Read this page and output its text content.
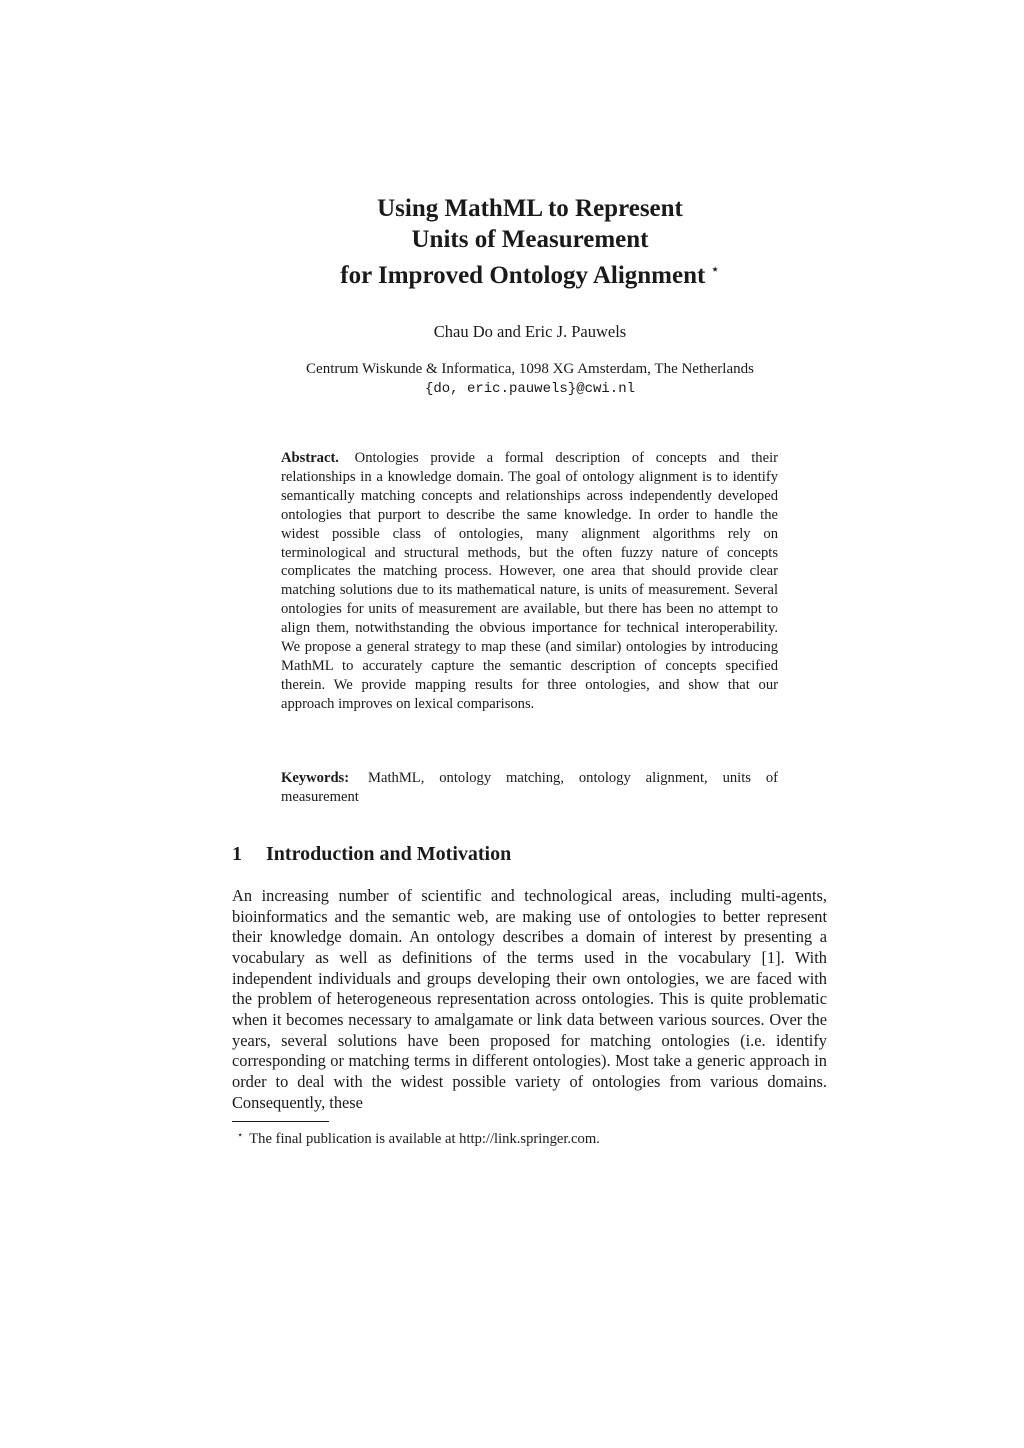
Using MathML to Represent
Units of Measurement
for Improved Ontology Alignment ⋆
Chau Do and Eric J. Pauwels
Centrum Wiskunde & Informatica, 1098 XG Amsterdam, The Netherlands
{do, eric.pauwels}@cwi.nl
Abstract. Ontologies provide a formal description of concepts and their relationships in a knowledge domain. The goal of ontology alignment is to identify semantically matching concepts and relationships across independently developed ontologies that purport to describe the same knowledge. In order to handle the widest possible class of ontologies, many alignment algorithms rely on terminological and structural methods, but the often fuzzy nature of concepts complicates the matching process. However, one area that should provide clear matching solutions due to its mathematical nature, is units of measurement. Several ontologies for units of measurement are available, but there has been no attempt to align them, notwithstanding the obvious importance for technical interoperability. We propose a general strategy to map these (and similar) ontologies by introducing MathML to accurately capture the semantic description of concepts specified therein. We provide mapping results for three ontologies, and show that our approach improves on lexical comparisons.
Keywords: MathML, ontology matching, ontology alignment, units of measurement
1 Introduction and Motivation
An increasing number of scientific and technological areas, including multi-agents, bioinformatics and the semantic web, are making use of ontologies to better represent their knowledge domain. An ontology describes a domain of interest by presenting a vocabulary as well as definitions of the terms used in the vocabulary [1]. With independent individuals and groups developing their own ontologies, we are faced with the problem of heterogeneous representation across ontologies. This is quite problematic when it becomes necessary to amalgamate or link data between various sources. Over the years, several solutions have been proposed for matching ontologies (i.e. identify corresponding or matching terms in different ontologies). Most take a generic approach in order to deal with the widest possible variety of ontologies from various domains. Consequently, these
⋆ The final publication is available at http://link.springer.com.
